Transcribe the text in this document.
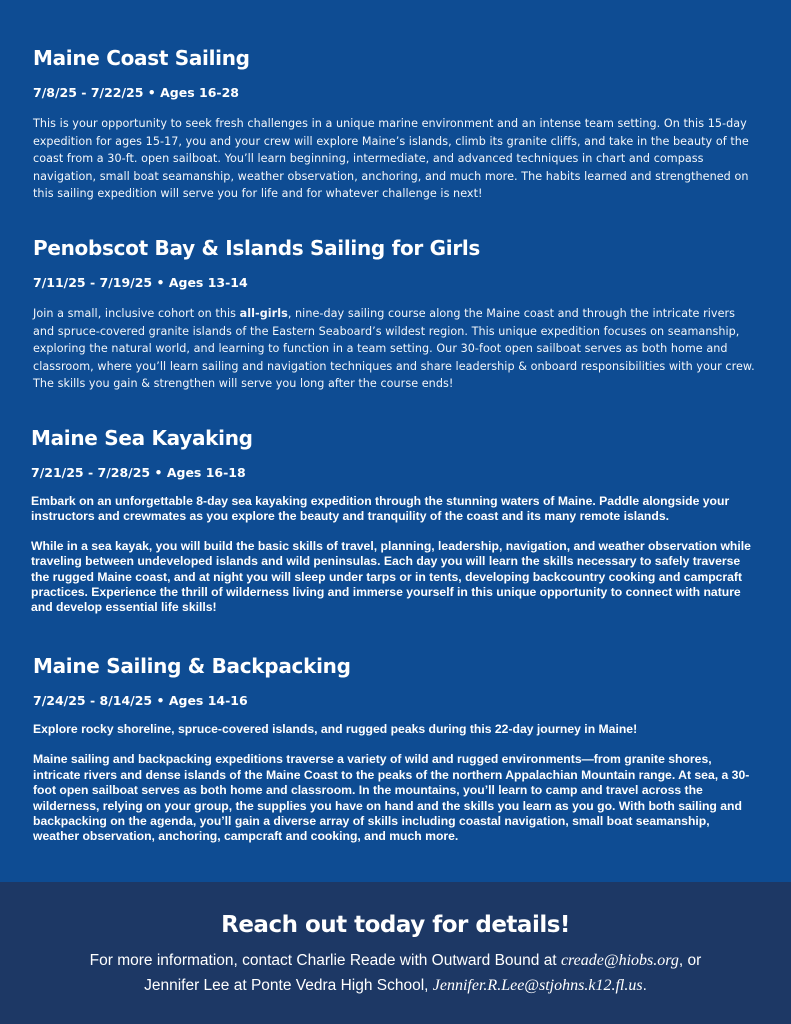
Maine Coast Sailing

7/8/25 - 7/22/25 • Ages 16-28

This is your opportunity to seek fresh challenges in a unique marine environment and an intense team setting. On this 15-day expedition for ages 15-17, you and your crew will explore Maine’s islands, climb its granite cliffs, and take in the beauty of the coast from a 30-ft. open sailboat. You’ll learn beginning, intermediate, and advanced techniques in chart and compass navigation, small boat seamanship, weather observation, anchoring, and much more. The habits learned and strengthened on this sailing expedition will serve you for life and for whatever challenge is next!

Penobscot Bay & Islands Sailing for Girls

7/11/25 - 7/19/25 • Ages 13-14

Join a small, inclusive cohort on this all-girls, nine-day sailing course along the Maine coast and through the intricate rivers and spruce-covered granite islands of the Eastern Seaboard’s wildest region. This unique expedition focuses on seamanship, exploring the natural world, and learning to function in a team setting. Our 30-foot open sailboat serves as both home and classroom, where you’ll learn sailing and navigation techniques and share leadership & onboard responsibilities with your crew. The skills you gain & strengthen will serve you long after the course ends!

Maine Sea Kayaking

7/21/25 - 7/28/25 • Ages 16-18

Embark on an unforgettable 8-day sea kayaking expedition through the stunning waters of Maine. Paddle alongside your instructors and crewmates as you explore the beauty and tranquility of the coast and its many remote islands.

While in a sea kayak, you will build the basic skills of travel, planning, leadership, navigation, and weather observation while traveling between undeveloped islands and wild peninsulas. Each day you will learn the skills necessary to safely traverse the rugged Maine coast, and at night you will sleep under tarps or in tents, developing backcountry cooking and campcraft practices. Experience the thrill of wilderness living and immerse yourself in this unique opportunity to connect with nature and develop essential life skills!

Maine Sailing & Backpacking

7/24/25 - 8/14/25 • Ages 14-16

Explore rocky shoreline, spruce-covered islands, and rugged peaks during this 22-day journey in Maine!

Maine sailing and backpacking expeditions traverse a variety of wild and rugged environments—from granite shores, intricate rivers and dense islands of the Maine Coast to the peaks of the northern Appalachian Mountain range. At sea, a 30-foot open sailboat serves as both home and classroom. In the mountains, you’ll learn to camp and travel across the wilderness, relying on your group, the supplies you have on hand and the skills you learn as you go. With both sailing and backpacking on the agenda, you’ll gain a diverse array of skills including coastal navigation, small boat seamanship, weather observation, anchoring, campcraft and cooking, and much more.

Reach out today for details!

For more information, contact Charlie Reade with Outward Bound at creade@hiobs.org, or

Jennifer Lee at Ponte Vedra High School, Jennifer.R.Lee@stjohns.k12.fl.us.
